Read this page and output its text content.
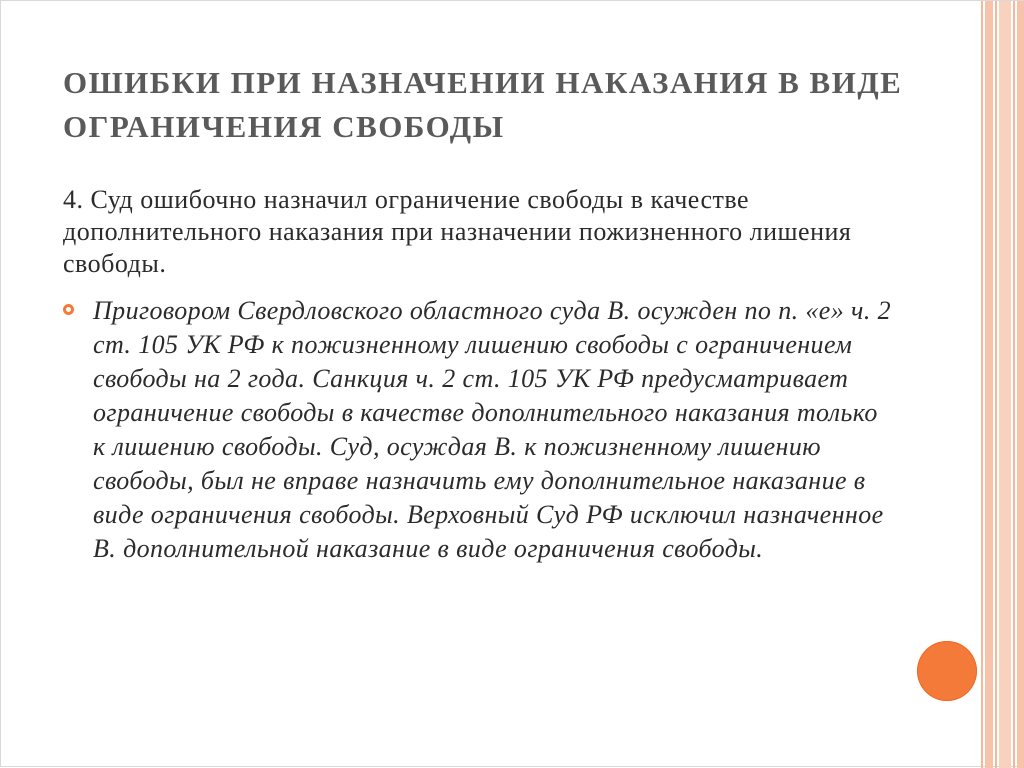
ОШИБКИ ПРИ НАЗНАЧЕНИИ НАКАЗАНИЯ В ВИДЕ ОГРАНИЧЕНИЯ СВОБОДЫ
4. Суд ошибочно назначил ограничение свободы в качестве дополнительного наказания при назначении пожизненного лишения свободы.
Приговором Свердловского областного суда В. осужден по п. «е» ч. 2 ст. 105 УК РФ к пожизненному лишению свободы с ограничением свободы на 2 года. Санкция ч. 2 ст. 105 УК РФ предусматривает ограничение свободы в качестве дополнительного наказания только к лишению свободы. Суд, осуждая В. к пожизненному лишению свободы, был не вправе назначить ему дополнительное наказание в виде ограничения свободы. Верховный Суд РФ исключил назначенное В. дополнительной наказание в виде ограничения свободы.
